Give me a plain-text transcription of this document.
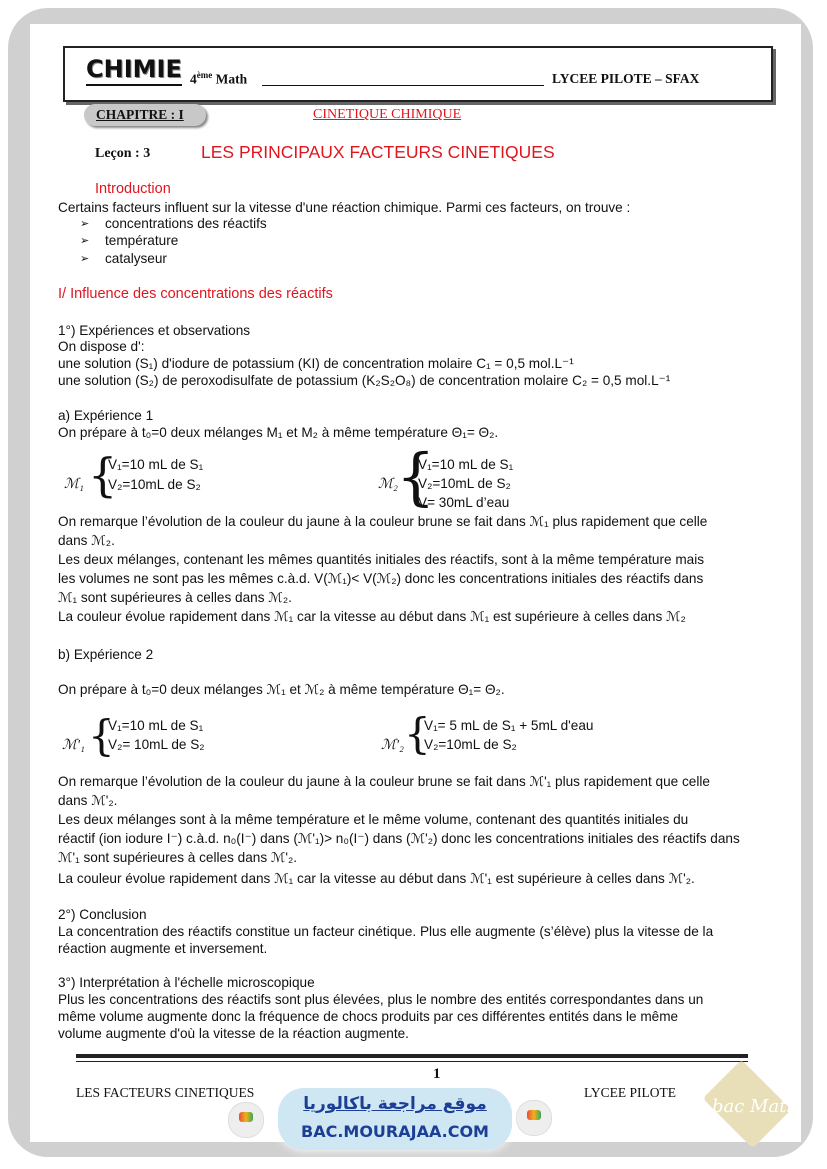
CHIMIE 4ème Math	LYCEE PILOTE – SFAX
CHAPITRE : I	CINETIQUE CHIMIQUE
Leçon : 3	LES PRINCIPAUX FACTEURS CINETIQUES
Introduction
Certains facteurs influent sur la vitesse d'une réaction chimique. Parmi ces facteurs, on trouve :
➢ concentrations des réactifs
➢ température
➢ catalyseur
I/ Influence des concentrations des réactifs
1°) Expériences et observations
On dispose d':
une solution (S₁) d'iodure de potassium (KI) de concentration molaire C₁ = 0,5 mol.L⁻¹
une solution (S₂) de peroxodisulfate de potassium (K₂S₂O₈) de concentration molaire C₂ = 0,5 mol.L⁻¹
a) Expérience 1
On prépare à t₀=0 deux mélanges M₁ et M₂ à même température Θ₁= Θ₂.
ℳ₁ {
V₁=10 mL de S₁
V₂=10mL de S₂	ℳ₂
{
V₁=10 mL de S₁
V₂=10mL de S₂
V= 30mL d’eau
On remarque l’évolution de la couleur du jaune à la couleur brune se fait dans ℳ₁ plus rapidement que celle
dans ℳ₂.
Les deux mélanges, contenant les mêmes quantités initiales des réactifs, sont à la même température mais
les volumes ne sont pas les mêmes c.à.d. V(ℳ₁)< V(ℳ₂) donc les concentrations initiales des réactifs dans
ℳ₁ sont supérieures à celles dans ℳ₂.
La couleur évolue rapidement dans ℳ₁ car la vitesse au début dans ℳ₁ est supérieure à celles dans ℳ₂
b) Expérience 2
On prépare à t₀=0 deux mélanges ℳ₁ et ℳ₂ à même température Θ₁= Θ₂.
ℳ'₁ {
V₁=10 mL de S₁
V₂= 10mL de S₂	ℳ'₂ {
V₁= 5 mL de S₁ + 5mL d'eau
V₂=10mL de S₂
On remarque l’évolution de la couleur du jaune à la couleur brune se fait dans ℳ'₁ plus rapidement que celle
dans ℳ'₂.
Les deux mélanges sont à la même température et le même volume, contenant des quantités initiales du
réactif (ion iodure I⁻) c.à.d. n₀(I⁻) dans (ℳ'₁)> n₀(I⁻) dans (ℳ'₂) donc les concentrations initiales des réactifs dans
ℳ'₁ sont supérieures à celles dans ℳ'₂.
La couleur évolue rapidement dans ℳ₁ car la vitesse au début dans ℳ'₁ est supérieure à celles dans ℳ'₂.
2°) Conclusion
La concentration des réactifs constitue un facteur cinétique. Plus elle augmente (s’élève) plus la vitesse de la
réaction augmente et inversement.
3°) Interprétation à l'échelle microscopique
Plus les concentrations des réactifs sont plus élevées, plus le nombre des entités correspondantes dans un
même volume augmente donc la fréquence de chocs produits par ces différentes entités dans le même
volume augmente d'où la vitesse de la réaction augmente.
1
LES FACTEURS CINETIQUES	LYCEE PILOTE
موقع مراجعة باكالوريا
BAC.MOURAJAA.COM
bac Math
